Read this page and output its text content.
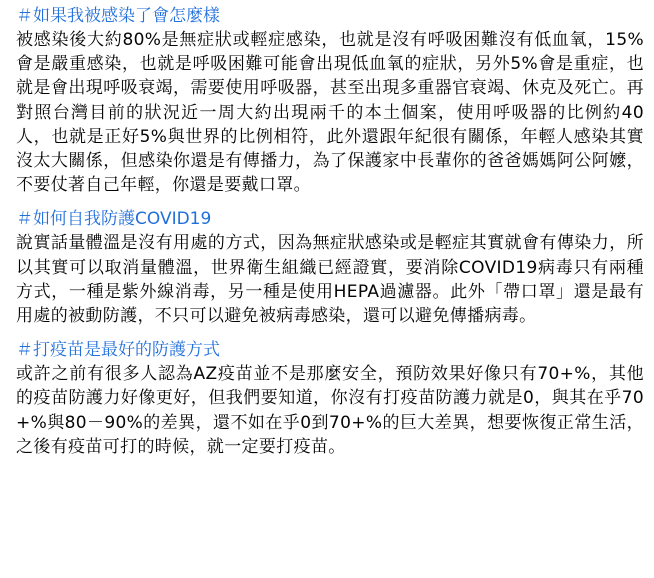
＃如果我被感染了會怎麼樣

被感染後大約80%是無症狀或輕症感染，也就是沒有呼吸困難沒有低血氧，15%會是嚴重感染，也就是呼吸困難可能會出現低血氧的症狀，另外5%會是重症，也就是會出現呼吸衰竭，需要使用呼吸器，甚至出現多重器官衰竭、休克及死亡。再對照台灣目前的狀況近一周大約出現兩千的本土個案，使用呼吸器的比例約40人，也就是正好5%與世界的比例相符，此外還跟年紀很有關係，年輕人感染其實沒太大關係，但感染你還是有傳播力，為了保護家中長輩你的爸爸媽媽阿公阿嬤，不要仗著自己年輕，你還是要戴口罩。

＃如何自我防護COVID19

說實話量體溫是沒有用處的方式，因為無症狀感染或是輕症其實就會有傳染力，所以其實可以取消量體溫，世界衛生組織已經證實，要消除COVID19病毒只有兩種方式，一種是紫外線消毒，另一種是使用HEPA過濾器。此外「帶口罩」還是最有用處的被動防護，不只可以避免被病毒感染，還可以避免傳播病毒。

＃打疫苗是最好的防護方式

或許之前有很多人認為AZ疫苗並不是那麼安全，預防效果好像只有70+%，其他的疫苗防護力好像更好，但我們要知道，你沒有打疫苗防護力就是0，與其在乎70+%與80－90%的差異，還不如在乎0到70+%的巨大差異，想要恢復正常生活，之後有疫苗可打的時候，就一定要打疫苗。
